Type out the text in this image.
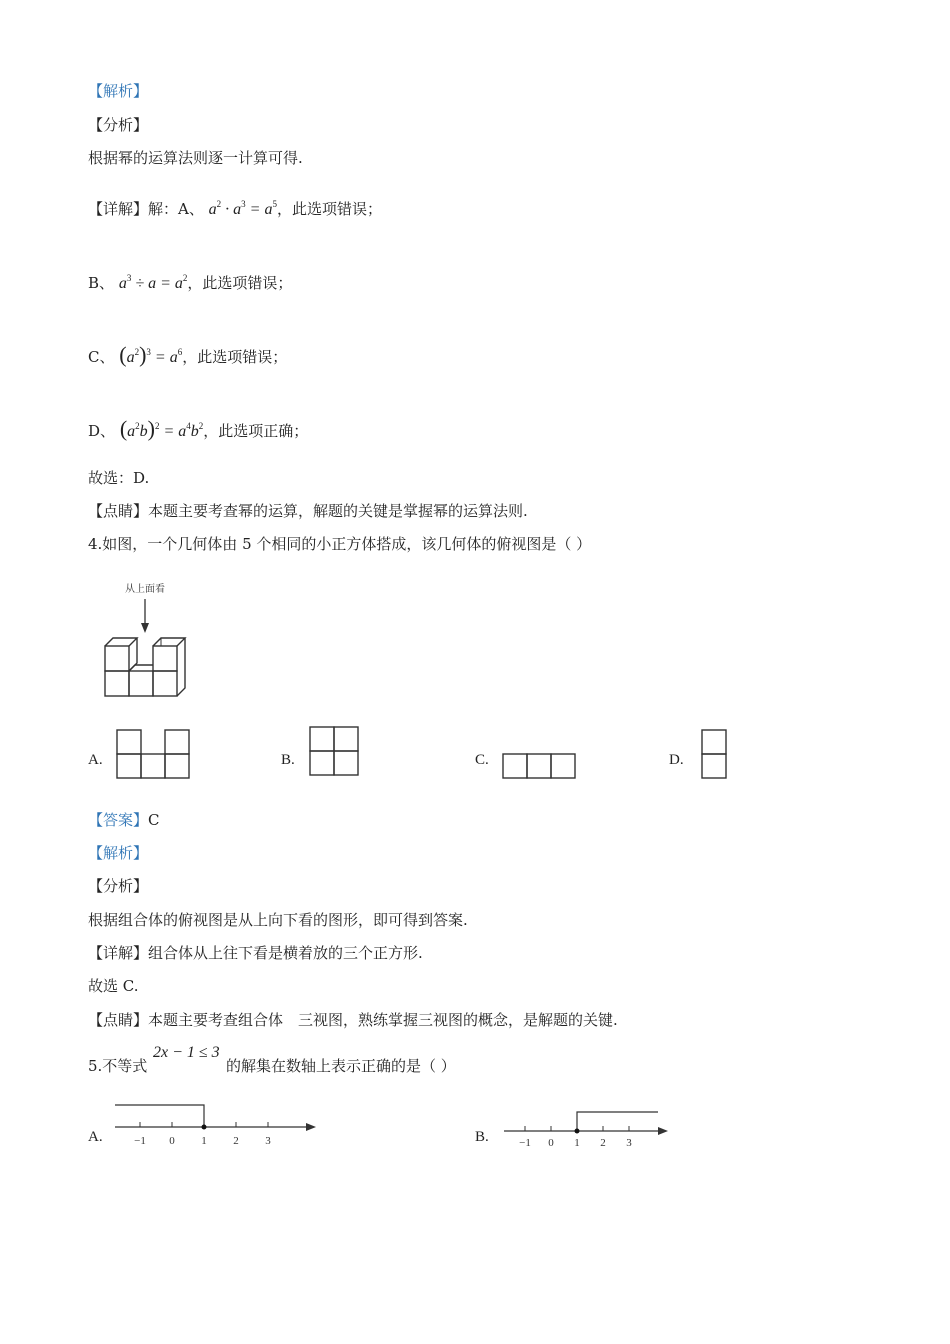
【解析】
【分析】
根据幂的运算法则逐一计算可得.
【详解】解：A、 $a^2 \cdot a^3 = a^5$，此选项错误；
B、 $a^3 \div a = a^2$，此选项错误；
C、 $(a^2)^3 = a^6$，此选项错误；
D、 $(a^2b)^2 = a^4b^2$，此选项正确；
故选：D.
【点睛】本题主要考查幂的运算，解题的关键是掌握幂的运算法则.
4.如图，一个几何体由 5 个相同的小正方体搭成，该几何体的俯视图是（ ）
从上面看
A.	B.	C.	D.
【答案】C
【解析】
【分析】
根据组合体的俯视图是从上向下看的图形，即可得到答案.
【详解】组合体从上往下看是横着放的三个正方形.
故选 C.
【点睛】本题主要考查组合体　三视图，熟练掌握三视图的概念，是解题的关键.
5.不等式
2x − 1 ≤ 3
的解集在数轴上表示正确的是（ ）
A.	−1 0 1 2 3	B.	−1 0 1 2 3
